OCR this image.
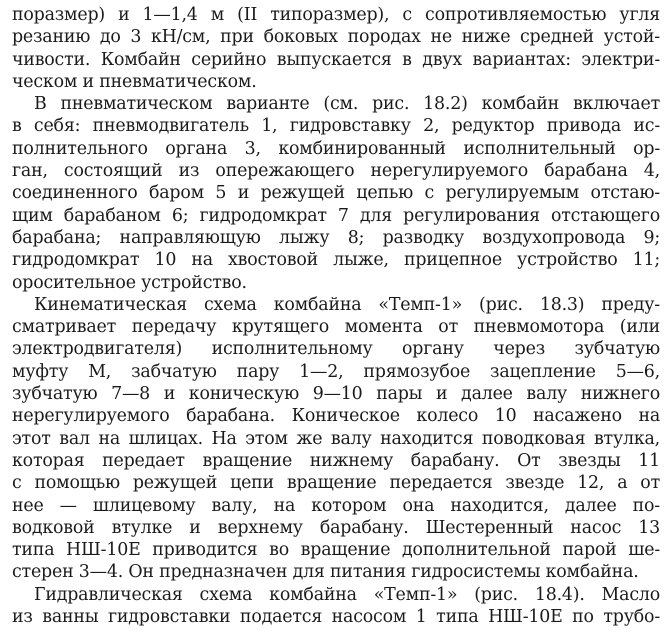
поразмер) и 1—1,4 м (II типоразмер), с сопротивляемостью угля
резанию до 3 кН/см, при боковых породах не ниже средней устой-
чивости. Комбайн серийно выпускается в двух вариантах: электри-
ческом и пневматическом.
В пневматическом варианте (см. рис. 18.2) комбайн включает
в себя: пневмодвигатель 1, гидровставку 2, редуктор привода ис-
полнительного органа 3, комбинированный исполнительный ор-
ган, состоящий из опережающего нерегулируемого барабана 4,
соединенного баром 5 и режущей цепью с регулируемым отстаю-
щим барабаном 6; гидродомкрат 7 для регулирования отстающего
барабана; направляющую лыжу 8; разводку воздухопровода 9;
гидродомкрат 10 на хвостовой лыже, прицепное устройство 11;
оросительное устройство.
Кинематическая схема комбайна «Темп-1» (рис. 18.3) преду-
сматривает передачу крутящего момента от пневмомотора (или
электродвигателя) исполнительному органу через зубчатую
муфту М, забчатую пару 1—2, прямозубое зацепление 5—6,
зубчатую 7—8 и коническую 9—10 пары и далее валу нижнего
нерегулируемого барабана. Коническое колесо 10 насажено на
этот вал на шлицах. На этом же валу находится поводковая втулка,
которая передает вращение нижнему барабану. От звезды 11
с помощью режущей цепи вращение передается звезде 12, а от
нее — шлицевому валу, на котором она находится, далее по-
водковой втулке и верхнему барабану. Шестеренный насос 13
типа НШ-10Е приводится во вращение дополнительной парой ше-
стерен 3—4. Он предназначен для питания гидросистемы комбайна.
Гидравлическая схема комбайна «Темп-1» (рис. 18.4). Масло
из ванны гидровставки подается насосом 1 типа НШ-10Е по трубо-
